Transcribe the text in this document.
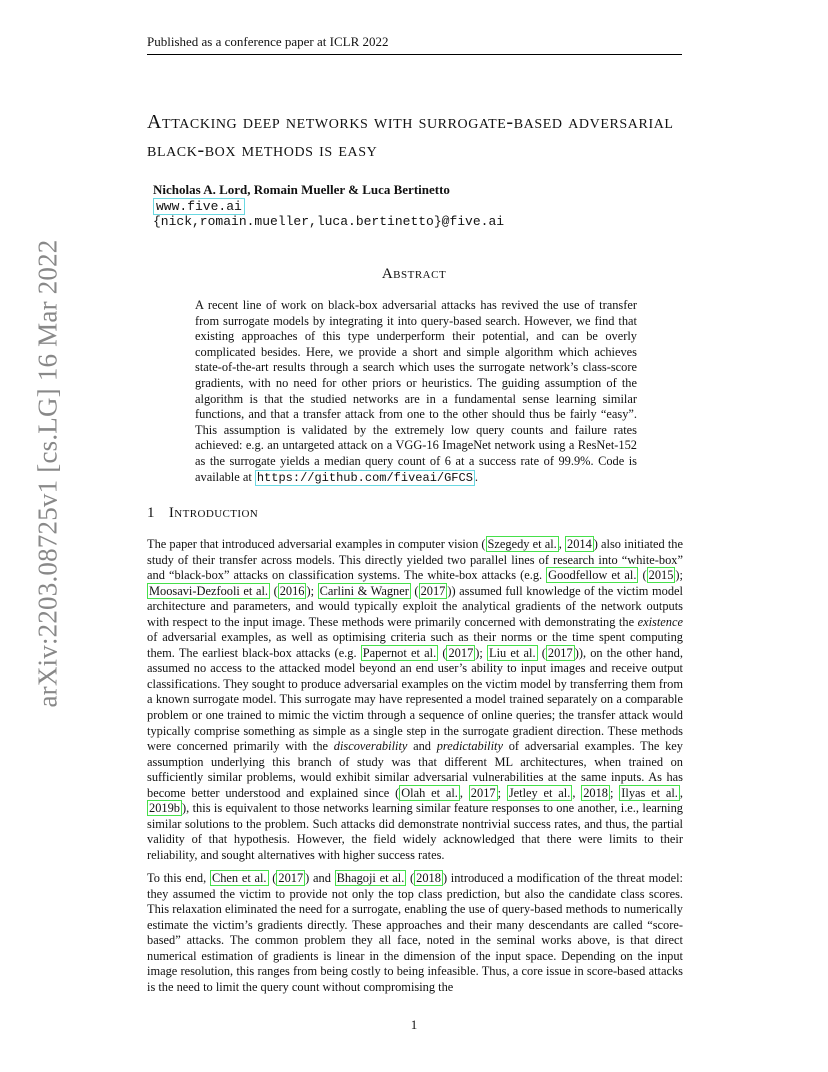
arXiv:2203.08725v1 [cs.LG] 16 Mar 2022
Published as a conference paper at ICLR 2022
Attacking deep networks with surrogate-based adversarial black-box methods is easy
Nicholas A. Lord, Romain Mueller & Luca Bertinetto
www.five.ai
{nick,romain.mueller,luca.bertinetto}@five.ai
Abstract
A recent line of work on black-box adversarial attacks has revived the use of transfer from surrogate models by integrating it into query-based search. However, we find that existing approaches of this type underperform their potential, and can be overly complicated besides. Here, we provide a short and simple algorithm which achieves state-of-the-art results through a search which uses the surrogate network’s class-score gradients, with no need for other priors or heuristics. The guiding assumption of the algorithm is that the studied networks are in a fundamental sense learning similar functions, and that a transfer attack from one to the other should thus be fairly “easy”. This assumption is validated by the extremely low query counts and failure rates achieved: e.g. an untargeted attack on a VGG-16 ImageNet network using a ResNet-152 as the surrogate yields a median query count of 6 at a success rate of 99.9%. Code is available at https://github.com/fiveai/GFCS .
1 Introduction
The paper that introduced adversarial examples in computer vision ( Szegedy et al. , 2014 ) also initiated the study of their transfer across models. This directly yielded two parallel lines of research into “white-box” and “black-box” attacks on classification systems. The white-box attacks (e.g. Goodfellow et al. ( 2015 ); Moosavi-Dezfooli et al. ( 2016 ); Carlini & Wagner ( 2017 )) assumed full knowledge of the victim model architecture and parameters, and would typically exploit the analytical gradients of the network outputs with respect to the input image. These methods were primarily concerned with demonstrating the existence of adversarial examples, as well as optimising criteria such as their norms or the time spent computing them. The earliest black-box attacks (e.g. Papernot et al. ( 2017 ); Liu et al. ( 2017 )), on the other hand, assumed no access to the attacked model beyond an end user’s ability to input images and receive output classifications. They sought to produce adversarial examples on the victim model by transferring them from a known surrogate model. This surrogate may have represented a model trained separately on a comparable problem or one trained to mimic the victim through a sequence of online queries; the transfer attack would typically comprise something as simple as a single step in the surrogate gradient direction. These methods were concerned primarily with the discoverability and predictability of adversarial examples. The key assumption underlying this branch of study was that different ML architectures, when trained on sufficiently similar problems, would exhibit similar adversarial vulnerabilities at the same inputs. As has become better understood and explained since ( Olah et al. , 2017 ; Jetley et al. , 2018 ; Ilyas et al. , 2019b ), this is equivalent to those networks learning similar feature responses to one another, i.e., learning similar solutions to the problem. Such attacks did demonstrate nontrivial success rates, and thus, the partial validity of that hypothesis. However, the field widely acknowledged that there were limits to their reliability, and sought alternatives with higher success rates.
To this end, Chen et al. ( 2017 ) and Bhagoji et al. ( 2018 ) introduced a modification of the threat model: they assumed the victim to provide not only the top class prediction, but also the candidate class scores. This relaxation eliminated the need for a surrogate, enabling the use of query-based methods to numerically estimate the victim’s gradients directly. These approaches and their many descendants are called “score-based” attacks. The common problem they all face, noted in the seminal works above, is that direct numerical estimation of gradients is linear in the dimension of the input space. Depending on the input image resolution, this ranges from being costly to being infeasible. Thus, a core issue in score-based attacks is the need to limit the query count without compromising the
1
